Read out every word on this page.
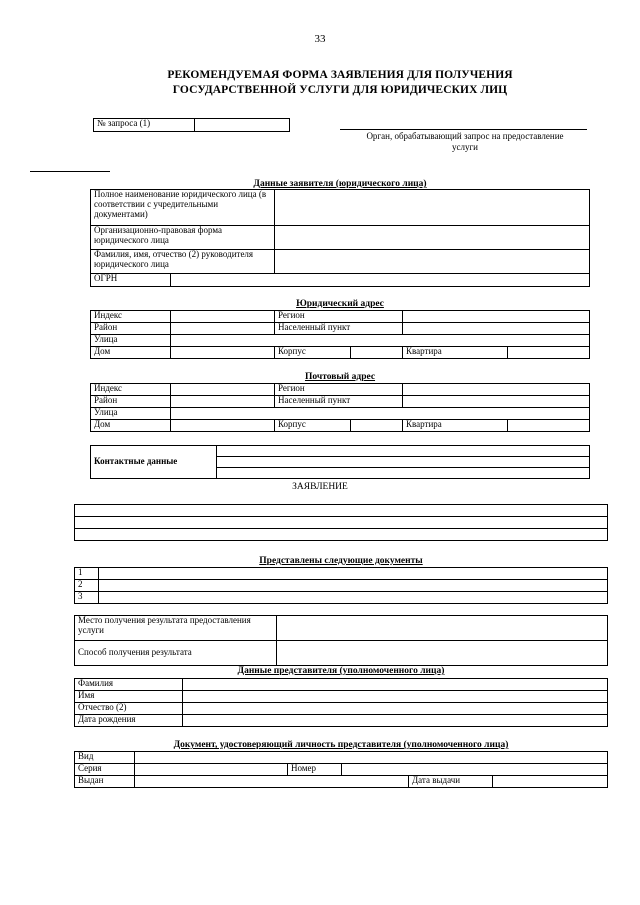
33
РЕКОМЕНДУЕМАЯ ФОРМА ЗАЯВЛЕНИЯ ДЛЯ ПОЛУЧЕНИЯ
ГОСУДАРСТВЕННОЙ УСЛУГИ ДЛЯ ЮРИДИЧЕСКИХ ЛИЦ
№ запроса (1)	
Орган, обрабатывающий запрос на предоставление
услуги
Данные заявителя (юридического лица)
Полное наименование юридического лица (в соответствии с учредительными документами)	
Организационно-правовая форма юридического лица	
Фамилия, имя, отчество (2) руководителя юридического лица	
ОГРН	
Юридический адрес
Индекс		Регион	
Район		Населенный пункт	
Улица	
Дом		Корпус		Квартира	
Почтовый адрес
Индекс		Регион	
Район		Населенный пункт	
Улица	
Дом		Корпус		Квартира	
Контактные данные	

ЗАЯВЛЕНИЕ

Представлены следующие документы
1	
2	
3	
Место получения результата предоставления услуги	
Способ получения результата	
Данные представителя (уполномоченного лица)
Фамилия	
Имя	
Отчество (2)	
Дата рождения	
Документ, удостоверяющий личность представителя (уполномоченного лица)
Вид	
Серия		Номер	
Выдан		Дата выдачи	
